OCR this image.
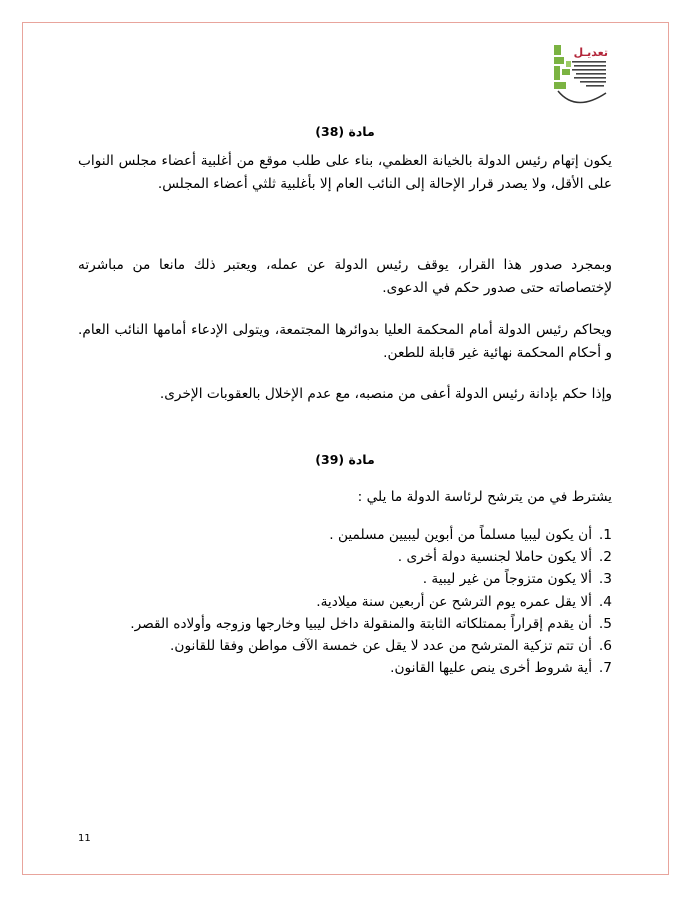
تعديـل
مادة (38)
يكون إتهام رئيس الدولة بالخيانة العظمي، بناء على طلب موقع من أغلبية أعضاء مجلس النواب على الأقل، ولا يصدر قرار الإحالة إلى النائب العام إلا بأغلبية ثلثي أعضاء المجلس.
وبمجرد صدور هذا القرار، يوقف رئيس الدولة عن عمله، ويعتبر ذلك مانعا من مباشرته لإختصاصاته حتى صدور حكم في الدعوى.
ويحاكم رئيس الدولة أمام المحكمة العليا بدوائرها المجتمعة، ويتولى الإدعاء أمامها النائب العام. و أحكام المحكمة نهائية غير قابلة للطعن.
وإذا حكم بإدانة رئيس الدولة أعفى من منصبه، مع عدم الإخلال بالعقوبات الإخرى.
مادة (39)
يشترط في من يترشح لرئاسة الدولة ما يلي :
1.
أن يكون ليبيا مسلماً من أبوين ليبيين مسلمين .
2.
ألا يكون حاملا لجنسية دولة أخرى .
3.
ألا يكون متزوجاً من غير ليبية .
4.
ألا يقل عمره يوم الترشح عن أربعين سنة ميلادية.
5.
أن يقدم إقراراً بممتلكاته الثابتة والمنقولة داخل ليبيا وخارجها وزوجه وأولاده القصر.
6.
أن تتم تزكية المترشح من عدد لا يقل عن خمسة الآف مواطن وفقا للقانون.
7.
أية شروط أخرى ينص عليها القانون.
11
